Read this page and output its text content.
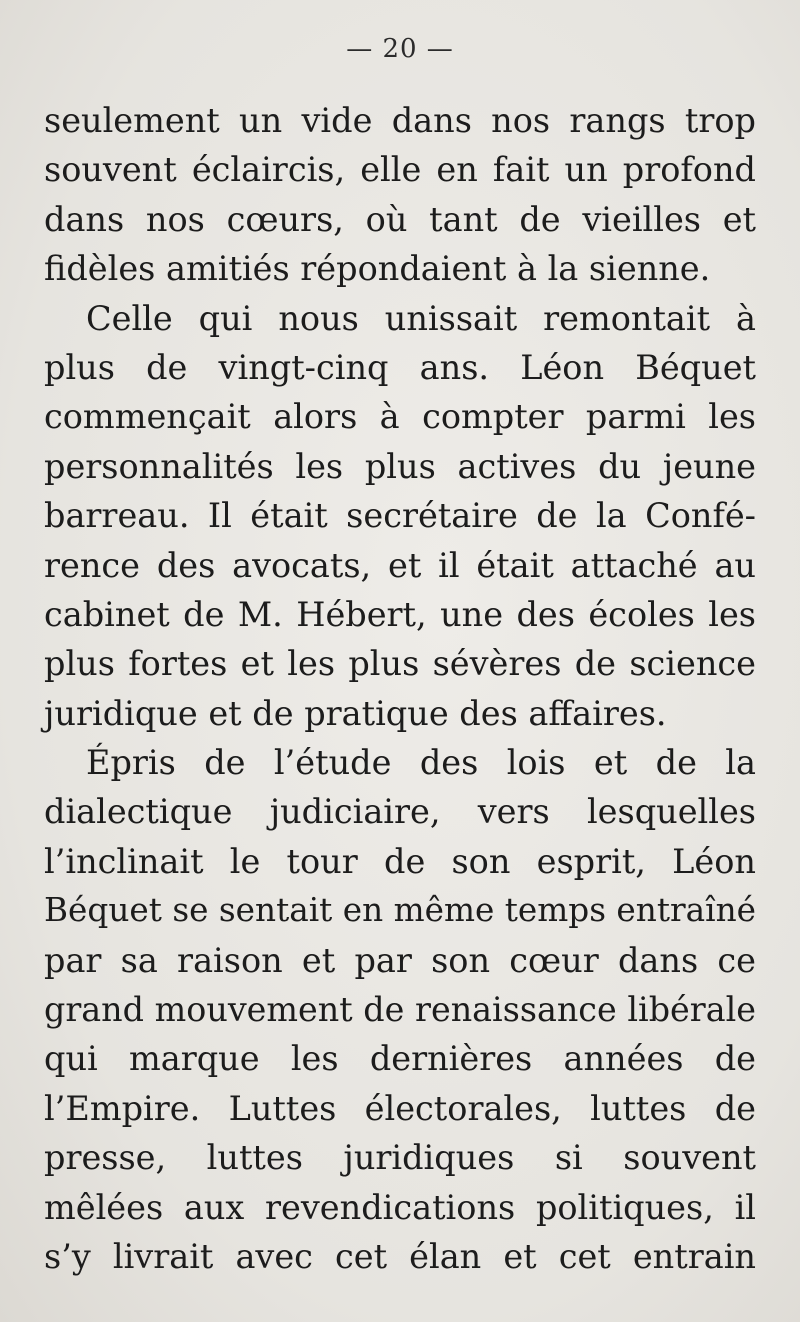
— 20 —
seulement un vide dans nos rangs trop
souvent éclaircis, elle en fait un profond
dans nos cœurs, où tant de vieilles et
fidèles amitiés répondaient à la sienne.
Celle qui nous unissait remontait à
plus de vingt-cinq ans. Léon Béquet
commençait alors à compter parmi les
personnalités les plus actives du jeune
barreau. Il était secrétaire de la Confé-
rence des avocats, et il était attaché au
cabinet de M. Hébert, une des écoles les
plus fortes et les plus sévères de science
juridique et de pratique des affaires.
Épris de l’étude des lois et de la
dialectique judiciaire, vers lesquelles
l’inclinait le tour de son esprit, Léon
Béquet se sentait en même temps entraîné
par sa raison et par son cœur dans ce
grand mouvement de renaissance libérale
qui marque les dernières années de
l’Empire. Luttes électorales, luttes de
presse, luttes juridiques si souvent
mêlées aux revendications politiques, il
s’y livrait avec cet élan et cet entrain
